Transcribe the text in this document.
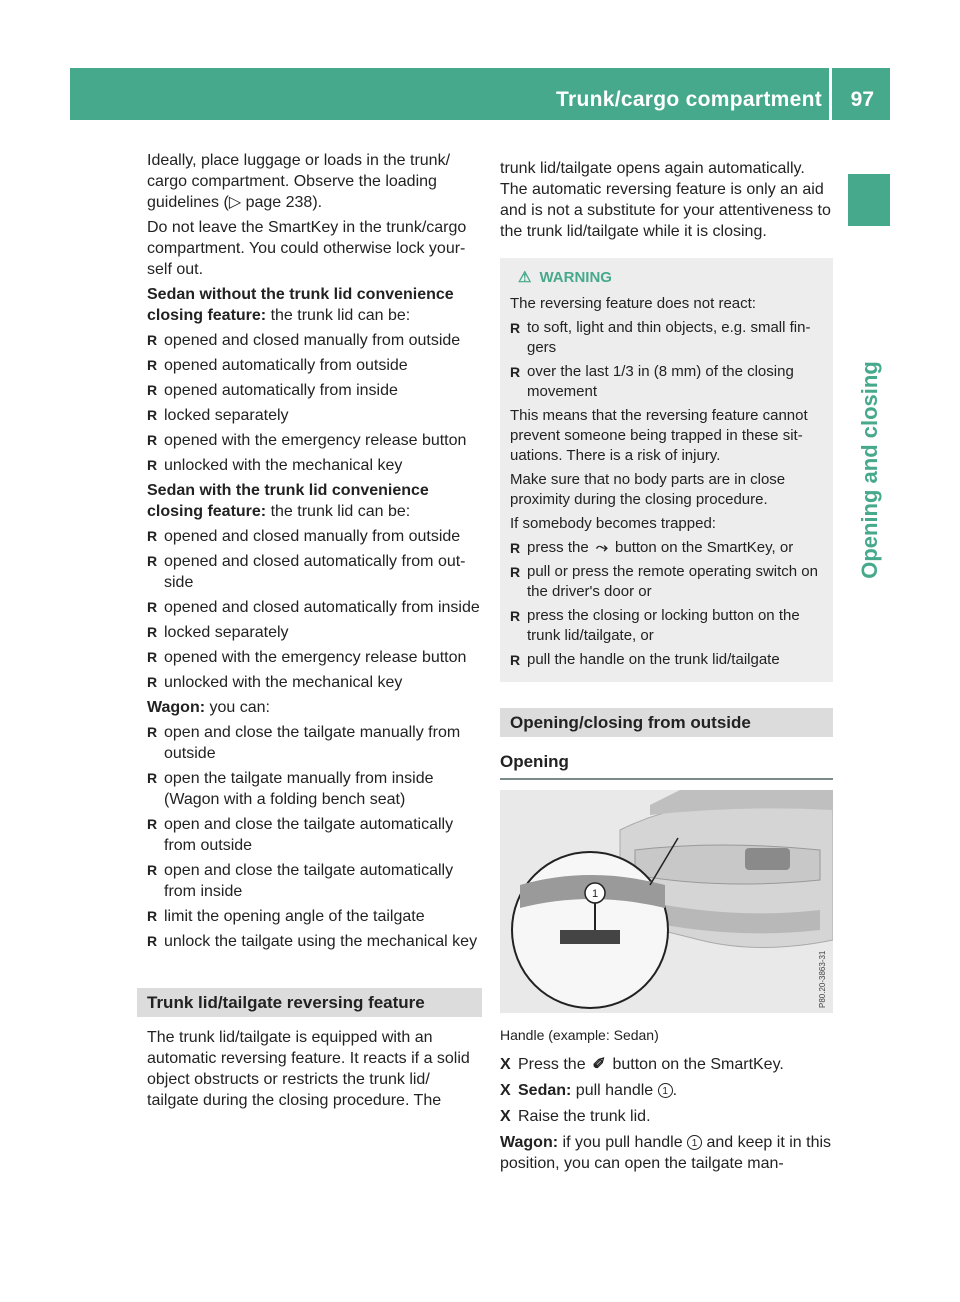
Trunk/cargo compartment 97
Opening and closing

Ideally, place luggage or loads in the trunk/ cargo compartment. Observe the loading guidelines (▷ page 238).

Do not leave the SmartKey in the trunk/cargo compartment. You could otherwise lock your-self out.

Sedan without the trunk lid convenience closing feature: the trunk lid can be:

R opened and closed manually from outside
R opened automatically from outside
R opened automatically from inside
R locked separately
R opened with the emergency release button
R unlocked with the mechanical key

Sedan with the trunk lid convenience closing feature: the trunk lid can be:

R opened and closed manually from outside
R opened and closed automatically from out-side
R opened and closed automatically from inside
R locked separately
R opened with the emergency release button
R unlocked with the mechanical key

Wagon: you can:

R open and close the tailgate manually from outside
R open the tailgate manually from inside (Wagon with a folding bench seat)
R open and close the tailgate automatically from outside
R open and close the tailgate automatically from inside
R limit the opening angle of the tailgate
R unlock the tailgate using the mechanical key
Trunk lid/tailgate reversing feature

The trunk lid/tailgate is equipped with an automatic reversing feature. It reacts if a solid object obstructs or restricts the trunk lid/ tailgate during the closing procedure. The

trunk lid/tailgate opens again automatically. The automatic reversing feature is only an aid and is not a substitute for your attentiveness to the trunk lid/tailgate while it is closing.

⚠ WARNING

The reversing feature does not react:

R to soft, light and thin objects, e.g. small fin-gers
R over the last 1/3 in (8 mm) of the closing movement

This means that the reversing feature cannot prevent someone being trapped in these sit-uations. There is a risk of injury.

Make sure that no body parts are in close proximity during the closing procedure.

If somebody becomes trapped:

R press the ⤳ button on the SmartKey, or
R pull or press the remote operating switch on the driver's door or
R press the closing or locking button on the trunk lid/tailgate, or
R pull the handle on the trunk lid/tailgate
Opening/closing from outside
Opening
1
P80.20-3863-31
Handle (example: Sedan)
X Press the ✐ button on the SmartKey.
X Sedan: pull handle 1 .
X Raise the trunk lid.

Wagon: if you pull handle 1 and keep it in this position, you can open the tailgate man-
